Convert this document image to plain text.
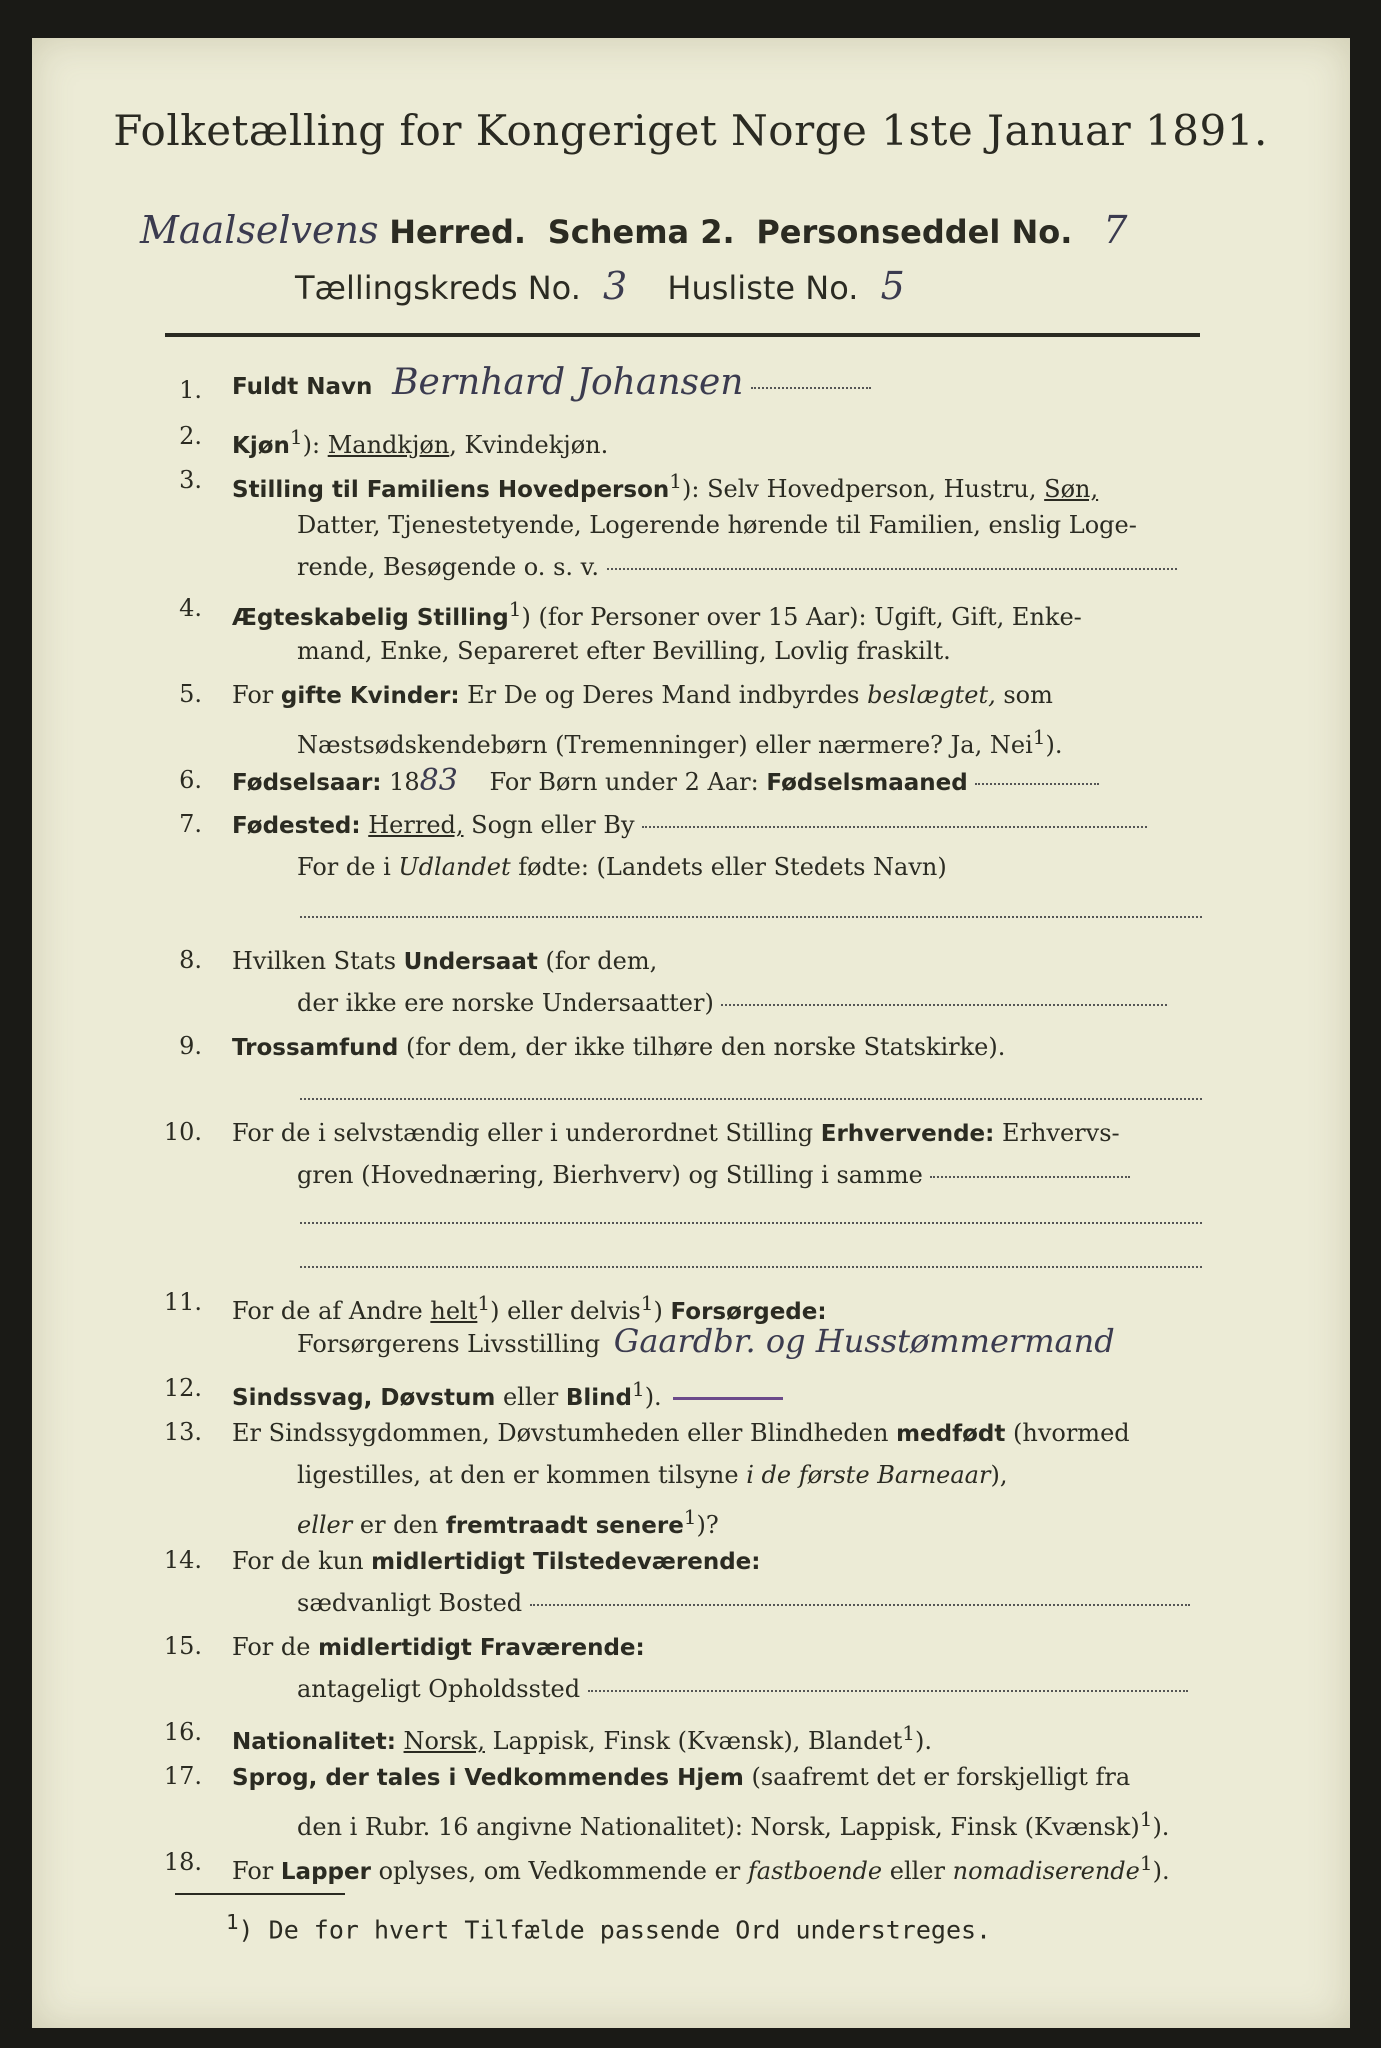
Folketælling for Kongeriget Norge 1ste Januar 1891.
Maalselvens Herred. Schema 2. Personseddel No. 7
Tællingskreds No. 3 Husliste No. 5
1. Fuldt Navn Bernhard Johansen
2. Kjøn$^1$): Mandkjøn, Kvindekjøn.
3. Stilling til Familiens Hovedperson$^1$): Selv Hovedperson, Hustru, Søn,
Datter, Tjenestetyende, Logerende hørende til Familien, enslig Loge-
rende, Besøgende o. s. v.
4. Ægteskabelig Stilling$^1$) (for Personer over 15 Aar): Ugift, Gift, Enke-
mand, Enke, Separeret efter Bevilling, Lovlig fraskilt.
5. For gifte Kvinder: Er De og Deres Mand indbyrdes beslægtet, som
Næstsødskendebørn (Tremenninger) eller nærmere? Ja, Nei$^1$).
6. Fødselsaar: 1883 For Børn under 2 Aar: Fødselsmaaned
7. Fødested: Herred, Sogn eller By
For de i Udlandet fødte: (Landets eller Stedets Navn)
8. Hvilken Stats Undersaat (for dem,
der ikke ere norske Undersaatter)
9. Trossamfund (for dem, der ikke tilhøre den norske Statskirke).
10. For de i selvstændig eller i underordnet Stilling Erhvervende: Erhvervs-
gren (Hovednæring, Bierhverv) og Stilling i samme
11. For de af Andre helt$^1$) eller delvis$^1$) Forsørgede:
Forsørgerens Livsstilling Gaardbr. og Husstømmermand
12. Sindssvag, Døvstum eller Blind$^1$).
13. Er Sindssygdommen, Døvstumheden eller Blindheden medfødt (hvormed
ligestilles, at den er kommen tilsyne i de første Barneaar),
eller er den fremtraadt senere$^1$)?
14. For de kun midlertidigt Tilstedeværende:
sædvanligt Bosted
15. For de midlertidigt Fraværende:
antageligt Opholdssted
16. Nationalitet: Norsk, Lappisk, Finsk (Kvænsk), Blandet$^1$).
17. Sprog, der tales i Vedkommendes Hjem (saafremt det er forskjelligt fra
den i Rubr. 16 angivne Nationalitet): Norsk, Lappisk, Finsk (Kvænsk)$^1$).
18. For Lapper oplyses, om Vedkommende er fastboende eller nomadiserende$^1$).
$^1$) De for hvert Tilfælde passende Ord understreges.
